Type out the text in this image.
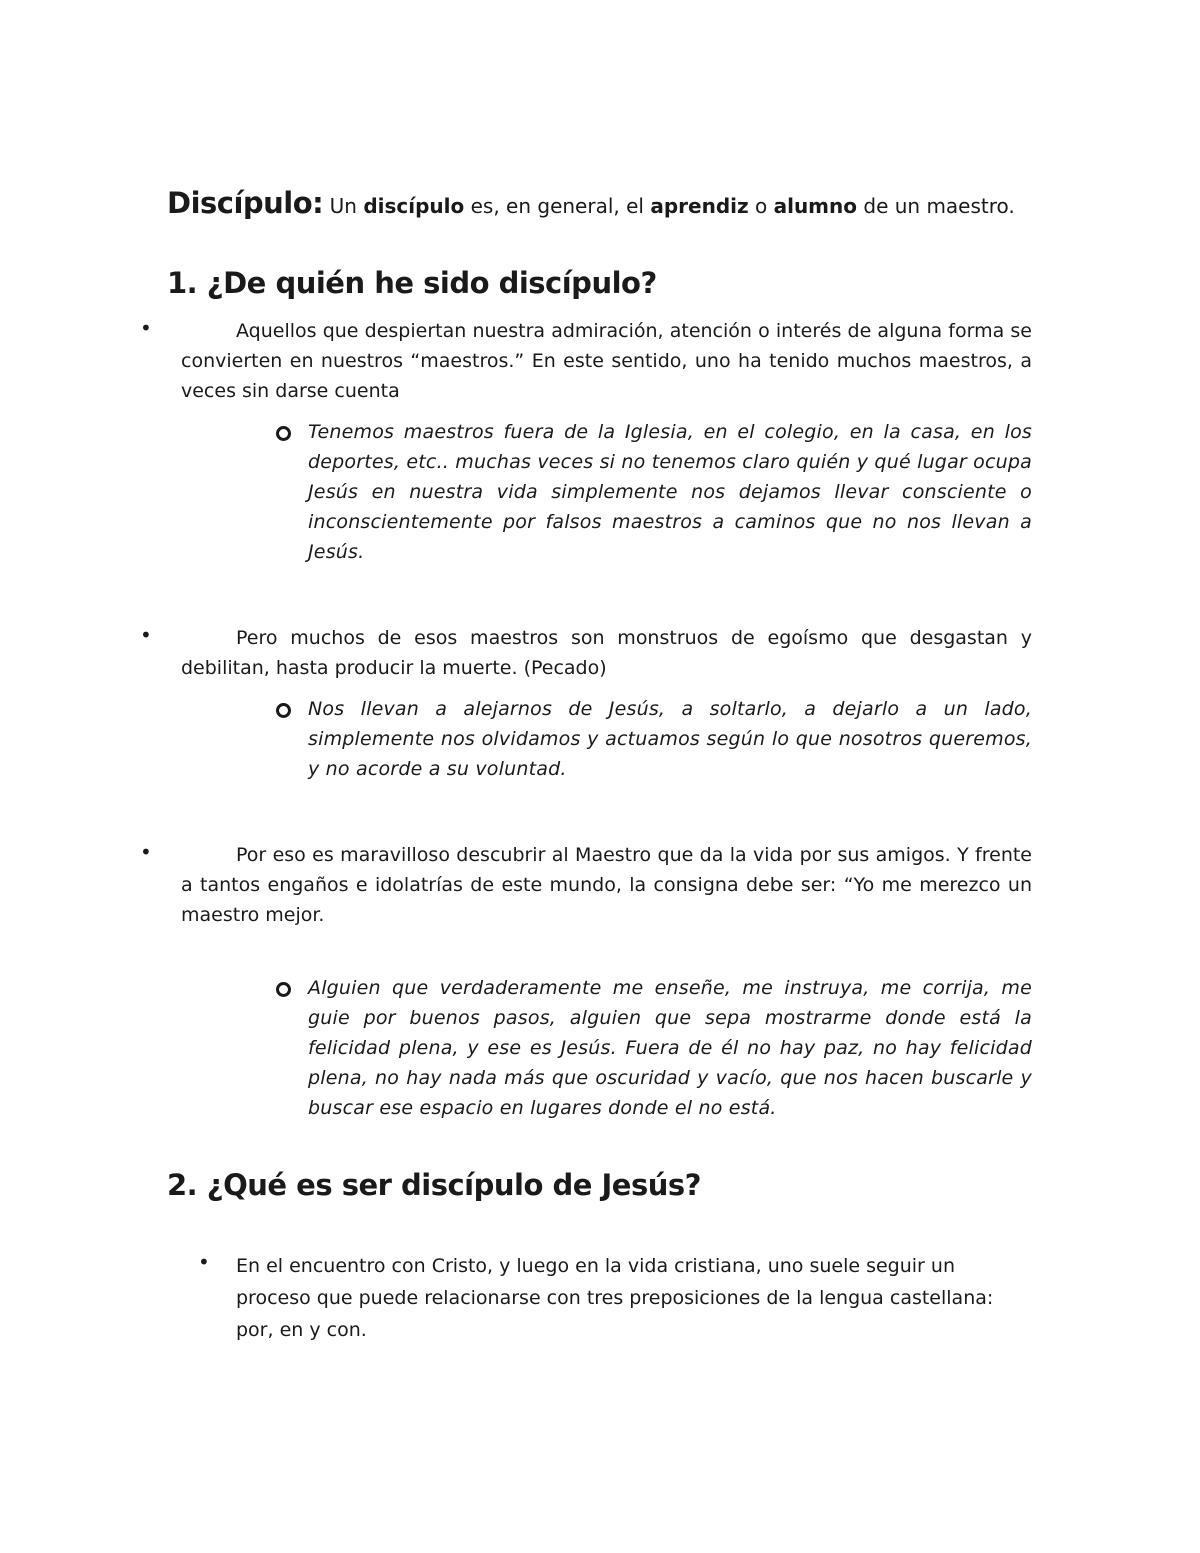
Discípulo: Un discípulo es, en general, el aprendiz o alumno de un maestro.
1. ¿De quién he sido discípulo?
•	Aquellos que despiertan nuestra admiración, atención o interés de alguna forma se convierten en nuestros “maestros.” En este sentido, uno ha tenido muchos maestros, a veces sin darse cuenta
Tenemos maestros fuera de la Iglesia, en el colegio, en la casa, en los deportes, etc.. muchas veces si no tenemos claro quién y qué lugar ocupa Jesús en nuestra vida simplemente nos dejamos llevar consciente o inconscientemente por falsos maestros a caminos que no nos llevan a Jesús.
•	Pero muchos de esos maestros son monstruos de egoísmo que desgastan y debilitan, hasta producir la muerte. (Pecado)
Nos llevan a alejarnos de Jesús, a soltarlo, a dejarlo a un lado, simplemente nos olvidamos y actuamos según lo que nosotros queremos, y no acorde a su voluntad.
•	Por eso es maravilloso descubrir al Maestro que da la vida por sus amigos. Y frente a tantos engaños e idolatrías de este mundo, la consigna debe ser: “Yo me merezco un maestro mejor.
Alguien que verdaderamente me enseñe, me instruya, me corrija, me guie por buenos pasos, alguien que sepa mostrarme donde está la felicidad plena, y ese es Jesús. Fuera de él no hay paz, no hay felicidad plena, no hay nada más que oscuridad y vacío, que nos hacen buscarle y buscar ese espacio en lugares donde el no está.
2. ¿Qué es ser discípulo de Jesús?
• En el encuentro con Cristo, y luego en la vida cristiana, uno suele seguir un proceso que puede relacionarse con tres preposiciones de la lengua castellana: por, en y con.
